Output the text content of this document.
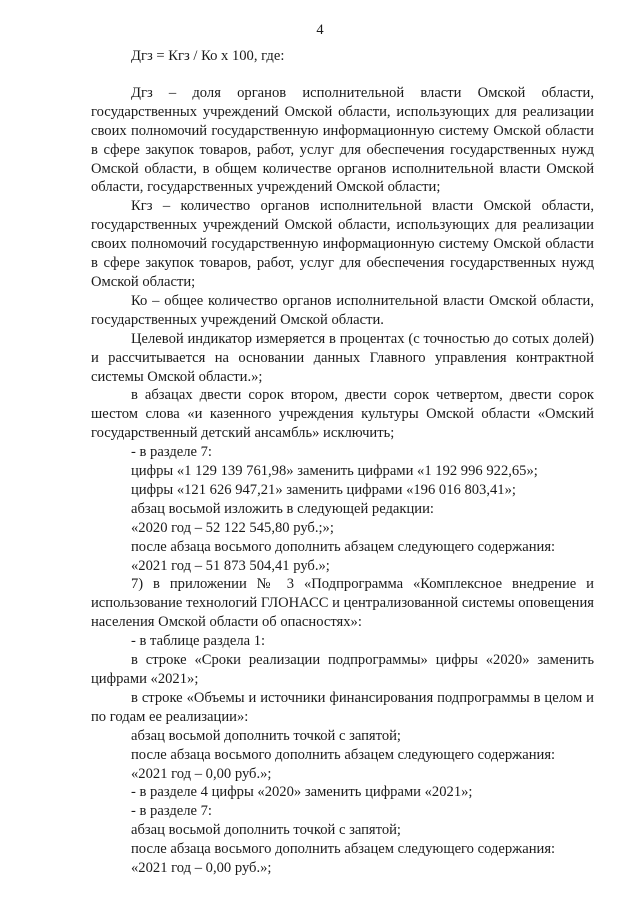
4

Дгз = Кгз / Ко х 100, где:

Дгз – доля органов исполнительной власти Омской области, государственных учреждений Омской области, использующих для реализации своих полномочий государственную информационную систему Омской области в сфере закупок товаров, работ, услуг для обеспечения государственных нужд Омской области, в общем количестве органов исполнительной власти Омской области, государственных учреждений Омской области;

Кгз – количество органов исполнительной власти Омской области, государственных учреждений Омской области, использующих для реализации своих полномочий государственную информационную систему Омской области в сфере закупок товаров, работ, услуг для обеспечения государственных нужд Омской области;

Ко – общее количество органов исполнительной власти Омской области, государственных учреждений Омской области.

Целевой индикатор измеряется в процентах (с точностью до сотых долей) и рассчитывается на основании данных Главного управления контрактной системы Омской области.»;

в абзацах двести сорок втором, двести сорок четвертом, двести сорок шестом слова «и казенного учреждения культуры Омской области «Омский государственный детский ансамбль» исключить;

- в разделе 7:

цифры «1 129 139 761,98» заменить цифрами «1 192 996 922,65»;

цифры «121 626 947,21» заменить цифрами «196 016 803,41»;

абзац восьмой изложить в следующей редакции:

«2020 год – 52 122 545,80 руб.;»;

после абзаца восьмого дополнить абзацем следующего содержания:

«2021 год – 51 873 504,41 руб.»;

7) в приложении № 3 «Подпрограмма «Комплексное внедрение и использование технологий ГЛОНАСС и централизованной системы оповещения населения Омской области об опасностях»:

- в таблице раздела 1:

в строке «Сроки реализации подпрограммы» цифры «2020» заменить цифрами «2021»;

в строке «Объемы и источники финансирования подпрограммы в целом и по годам ее реализации»:

абзац восьмой дополнить точкой с запятой;

после абзаца восьмого дополнить абзацем следующего содержания:

«2021 год – 0,00 руб.»;

- в разделе 4 цифры «2020» заменить цифрами «2021»;

- в разделе 7:

абзац восьмой дополнить точкой с запятой;

после абзаца восьмого дополнить абзацем следующего содержания:

«2021 год – 0,00 руб.»;
